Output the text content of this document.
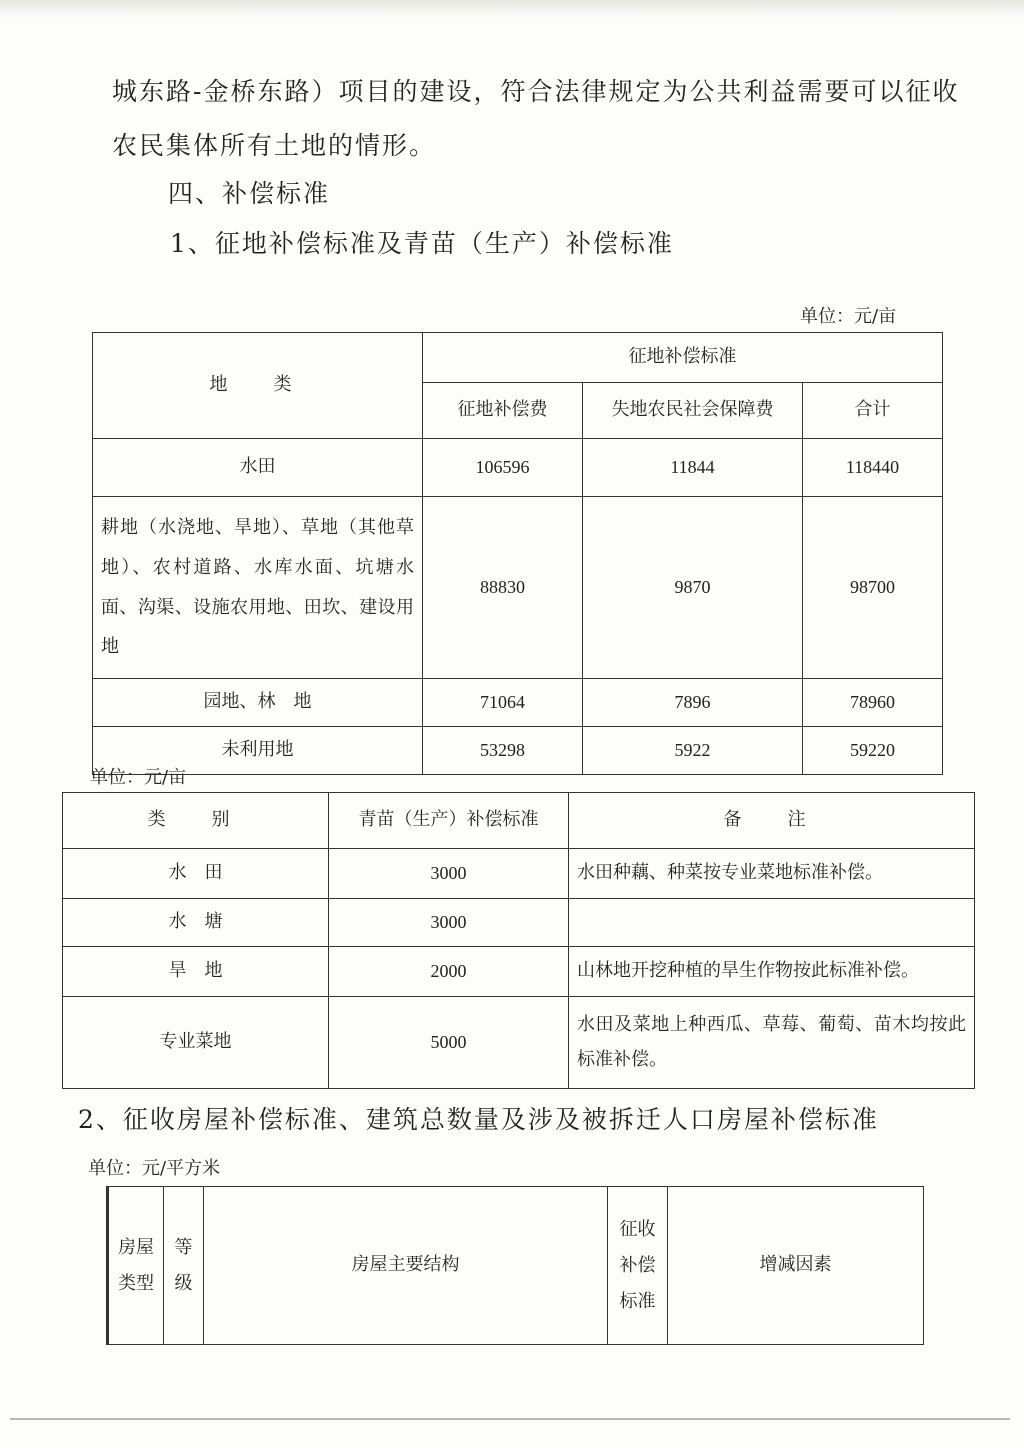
城东路-金桥东路）项目的建设，符合法律规定为公共利益需要可以征收
农民集体所有土地的情形。
四、补偿标准
1、征地补偿标准及青苗（生产）补偿标准
单位：元/亩
地　类	征地补偿标准		
	征地补偿费	失地农民社会保障费	合计
水田	106596	11844	118440
耕地（水浇地、旱地）、草地（其他草地）、农村道路、水库水面、坑塘水面、沟渠、设施农用地、田坎、建设用地	88830	9870	98700
园地、林　地	71064	7896	78960
未利用地	53298	5922	59220
单位：元/亩
类　别	青苗（生产）补偿标准	备　注
水　田	3000	水田种藕、种菜按专业菜地标准补偿。
水　塘	3000	
旱　地	2000	山林地开挖种植的旱生作物按此标准补偿。
专业菜地	5000	水田及菜地上种西瓜、草莓、葡萄、苗木均按此标准补偿。
2、征收房屋补偿标准、建筑总数量及涉及被拆迁人口房屋补偿标准
单位：元/平方米
房屋类型	等级	房屋主要结构	征收补偿标准	增减因素
